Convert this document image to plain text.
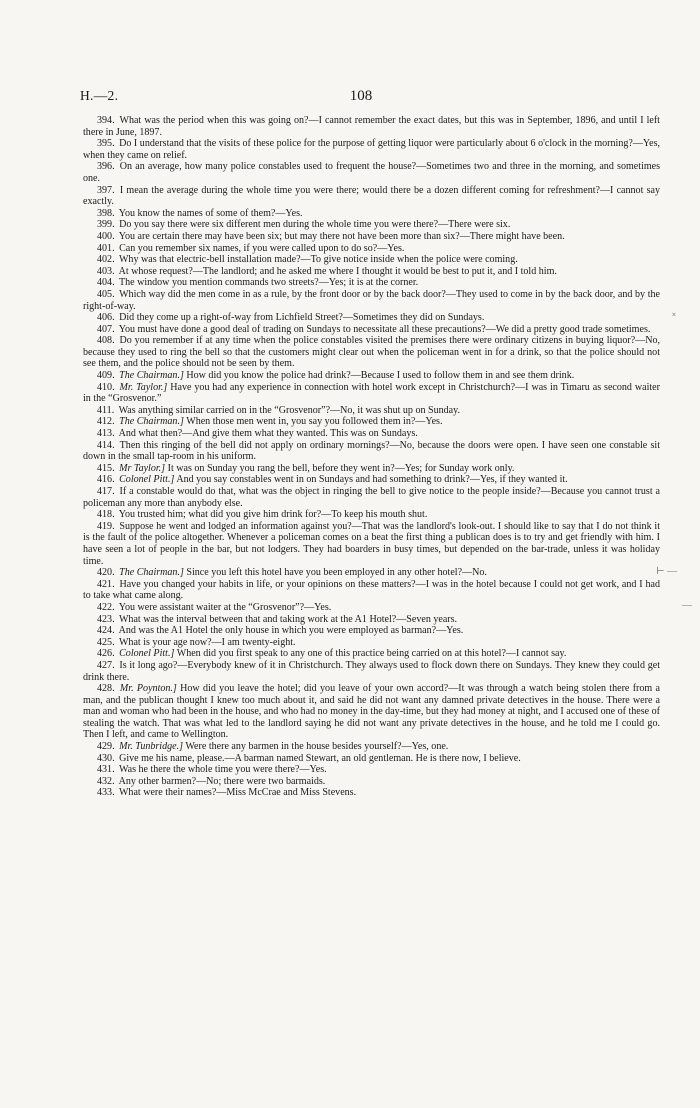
H.—2.	108

394. What was the period when this was going on?—I cannot remember the exact dates, but this was in September, 1896, and until I left there in June, 1897.

395. Do I understand that the visits of these police for the purpose of getting liquor were particularly about 6 o'clock in the morning?—Yes, when they came on relief.

396. On an average, how many police constables used to frequent the house?—Sometimes two and three in the morning, and sometimes one.

397. I mean the average during the whole time you were there; would there be a dozen different coming for refreshment?—I cannot say exactly.

398. You know the names of some of them?—Yes.

399. Do you say there were six different men during the whole time you were there?—There were six.

400. You are certain there may have been six; but may there not have been more than six?—There might have been.

401. Can you remember six names, if you were called upon to do so?—Yes.

402. Why was that electric-bell installation made?—To give notice inside when the police were coming.

403. At whose request?—The landlord; and he asked me where I thought it would be best to put it, and I told him.

404. The window you mention commands two streets?—Yes; it is at the corner.

405. Which way did the men come in as a rule, by the front door or by the back door?—They used to come in by the back door, and by the right-of-way.

406. Did they come up a right-of-way from Lichfield Street?—Sometimes they did on Sundays.

407. You must have done a good deal of trading on Sundays to necessitate all these precautions?—We did a pretty good trade sometimes.

408. Do you remember if at any time when the police constables visited the premises there were ordinary citizens in buying liquor?—No, because they used to ring the bell so that the customers might clear out when the policeman went in for a drink, so that the police should not see them, and the police should not be seen by them.

409. The Chairman.] How did you know the police had drink?—Because I used to follow them in and see them drink.

410. Mr. Taylor.] Have you had any experience in connection with hotel work except in Christchurch?—I was in Timaru as second waiter in the “Grosvenor.”

411. Was anything similar carried on in the “Grosvenor”?—No, it was shut up on Sunday.

412. The Chairman.] When those men went in, you say you followed them in?—Yes.

413. And what then?—And give them what they wanted. This was on Sundays.

414. Then this ringing of the bell did not apply on ordinary mornings?—No, because the doors were open. I have seen one constable sit down in the small tap-room in his uniform.

415. Mr Taylor.] It was on Sunday you rang the bell, before they went in?—Yes; for Sunday work only.

416. Colonel Pitt.] And you say constables went in on Sundays and had something to drink?—Yes, if they wanted it.

417. If a constable would do that, what was the object in ringing the bell to give notice to the people inside?—Because you cannot trust a policeman any more than anybody else.

418. You trusted him; what did you give him drink for?—To keep his mouth shut.

419. Suppose he went and lodged an information against you?—That was the landlord's look-out. I should like to say that I do not think it is the fault of the police altogether. Whenever a policeman comes on a beat the first thing a publican does is to try and get friendly with him. I have seen a lot of people in the bar, but not lodgers. They had boarders in busy times, but depended on the bar-trade, unless it was holiday time.

420. The Chairman.] Since you left this hotel have you been employed in any other hotel?—No.

421. Have you changed your habits in life, or your opinions on these matters?—I was in the hotel because I could not get work, and I had to take what came along.

422. You were assistant waiter at the “Grosvenor”?—Yes.

423. What was the interval between that and taking work at the A1 Hotel?—Seven years.

424. And was the A1 Hotel the only house in which you were employed as barman?—Yes.

425. What is your age now?—I am twenty-eight.

426. Colonel Pitt.] When did you first speak to any one of this practice being carried on at this hotel?—I cannot say.

427. Is it long ago?—Everybody knew of it in Christchurch. They always used to flock down there on Sundays. They knew they could get drink there.

428. Mr. Poynton.] How did you leave the hotel; did you leave of your own accord?—It was through a watch being stolen there from a man, and the publican thought I knew too much about it, and said he did not want any damned private detectives in the house. There were a man and woman who had been in the house, and who had no money in the day-time, but they had money at night, and I accused one of these of stealing the watch. That was what led to the landlord saying he did not want any private detectives in the house, and he told me I could go. Then I left, and came to Wellington.

429. Mr. Tunbridge.] Were there any barmen in the house besides yourself?—Yes, one.

430. Give me his name, please.—A barman named Stewart, an old gentleman. He is there now, I believe.

431. Was he there the whole time you were there?—Yes.

432. Any other barmen?—No; there were two barmaids.

433. What were their names?—Miss McCrae and Miss Stevens.

˟
⊢ —
—
